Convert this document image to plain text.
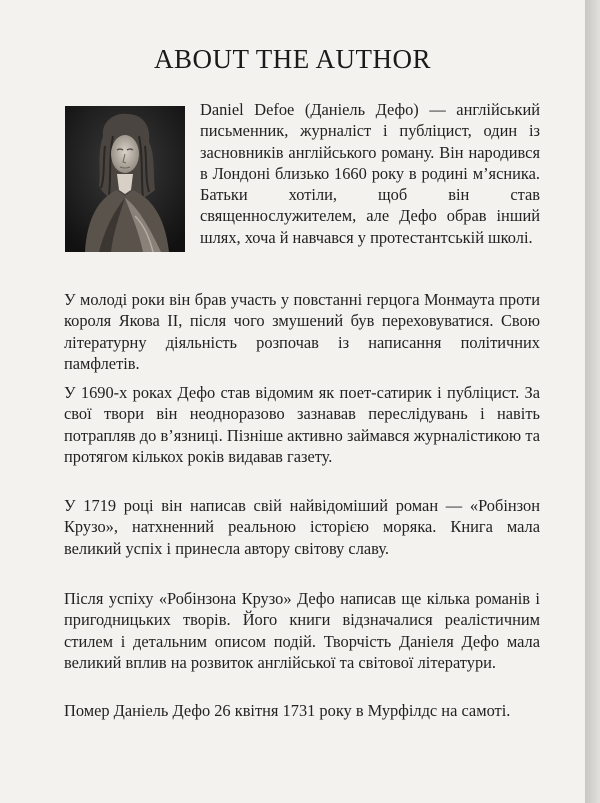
ABOUT THE AUTHOR

Daniel Defoe (Даніель Дефо) — англійський письменник, журналіст і публіцист, один із засновників англійського роману. Він народився в Лондоні близько 1660 року в родині м’ясника. Батьки хотіли, щоб він став священнослужителем, але Дефо обрав інший шлях, хоча й навчався у протестантській школі.

У молоді роки він брав участь у повстанні герцога Монмаута проти короля Якова II, після чого змушений був переховуватися. Свою літературну діяльність розпочав із написання політичних памфлетів.

У 1690-х роках Дефо став відомим як поет-сатирик і публіцист. За свої твори він неодноразово зазнавав переслідувань і навіть потрапляв до в’язниці. Пізніше активно займався журналістикою та протягом кількох років видавав газету.

У 1719 році він написав свій найвідоміший роман — «Робінзон Крузо», натхненний реальною історією моряка. Книга мала великий успіх і принесла автору світову славу.

Після успіху «Робінзона Крузо» Дефо написав ще кілька романів і пригодницьких творів. Його книги відзначалися реалістичним стилем і детальним описом подій. Творчість Даніеля Дефо мала великий вплив на розвиток англійської та світової літератури.

Помер Даніель Дефо 26 квітня 1731 року в Мурфілдс на самоті.
